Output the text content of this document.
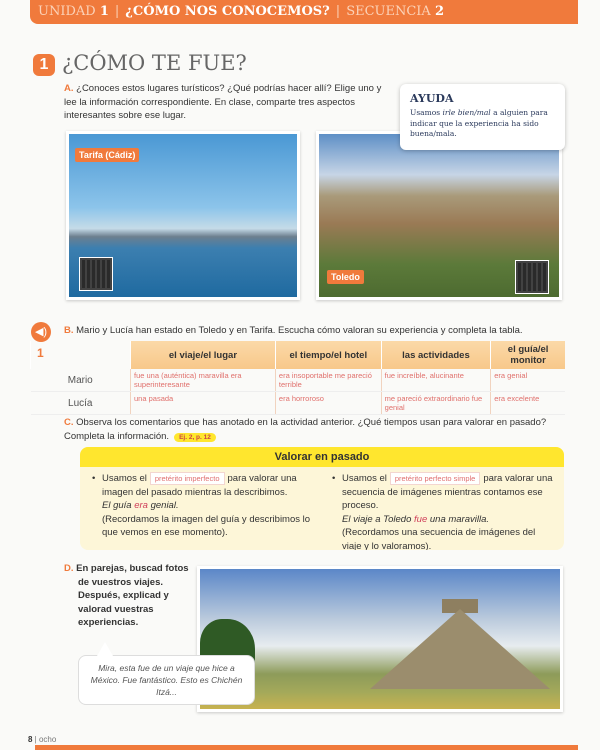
UNIDAD 1 | ¿CÓMO NOS CONOCEMOS? | SECUENCIA 2
1 ¿CÓMO TE FUE?
A. ¿Conoces estos lugares turísticos? ¿Qué podrías hacer allí? Elige uno y lee la información correspondiente. En clase, comparte tres aspectos interesantes sobre ese lugar.
Tarifa (Cádiz)
Toledo
AYUDA

Usamos irle bien/mal a alguien para indicar que la experiencia ha sido buena/mala.

◀)
1
B. Mario y Lucía han estado en Toledo y en Tarifa. Escucha cómo valoran su experiencia y completa la tabla.
	el viaje/el lugar	el tiempo/el hotel	las actividades	el guía/el monitor
Mario	fue una (auténtica) maravilla era superinteresante	era insoportable me pareció terrible	fue increíble, alucinante	era genial
Lucía	una pasada	era horroroso	me pareció extraordinario fue genial	era excelente
C. Observa los comentarios que has anotado en la actividad anterior. ¿Qué tiempos usan para valorar en pasado? Completa la información. Ej. 2, p. 12
Valorar en pasado
• Usamos el pretérito imperfecto para valorar una imagen del pasado mientras la describimos.
El guía era genial.
(Recordamos la imagen del guía y describimos lo que vemos en ese momento).
• Usamos el pretérito perfecto simple para valorar una secuencia de imágenes mientras contamos ese proceso.
El viaje a Toledo fue una maravilla.
(Recordamos una secuencia de imágenes del viaje y lo valoramos).
D. En parejas, buscad fotos de vuestros viajes. Después, explicad y valorad vuestras experiencias.
Mira, esta fue de un viaje que hice a México. Fue fantástico. Esto es Chichén Itzá...
8 | ocho
